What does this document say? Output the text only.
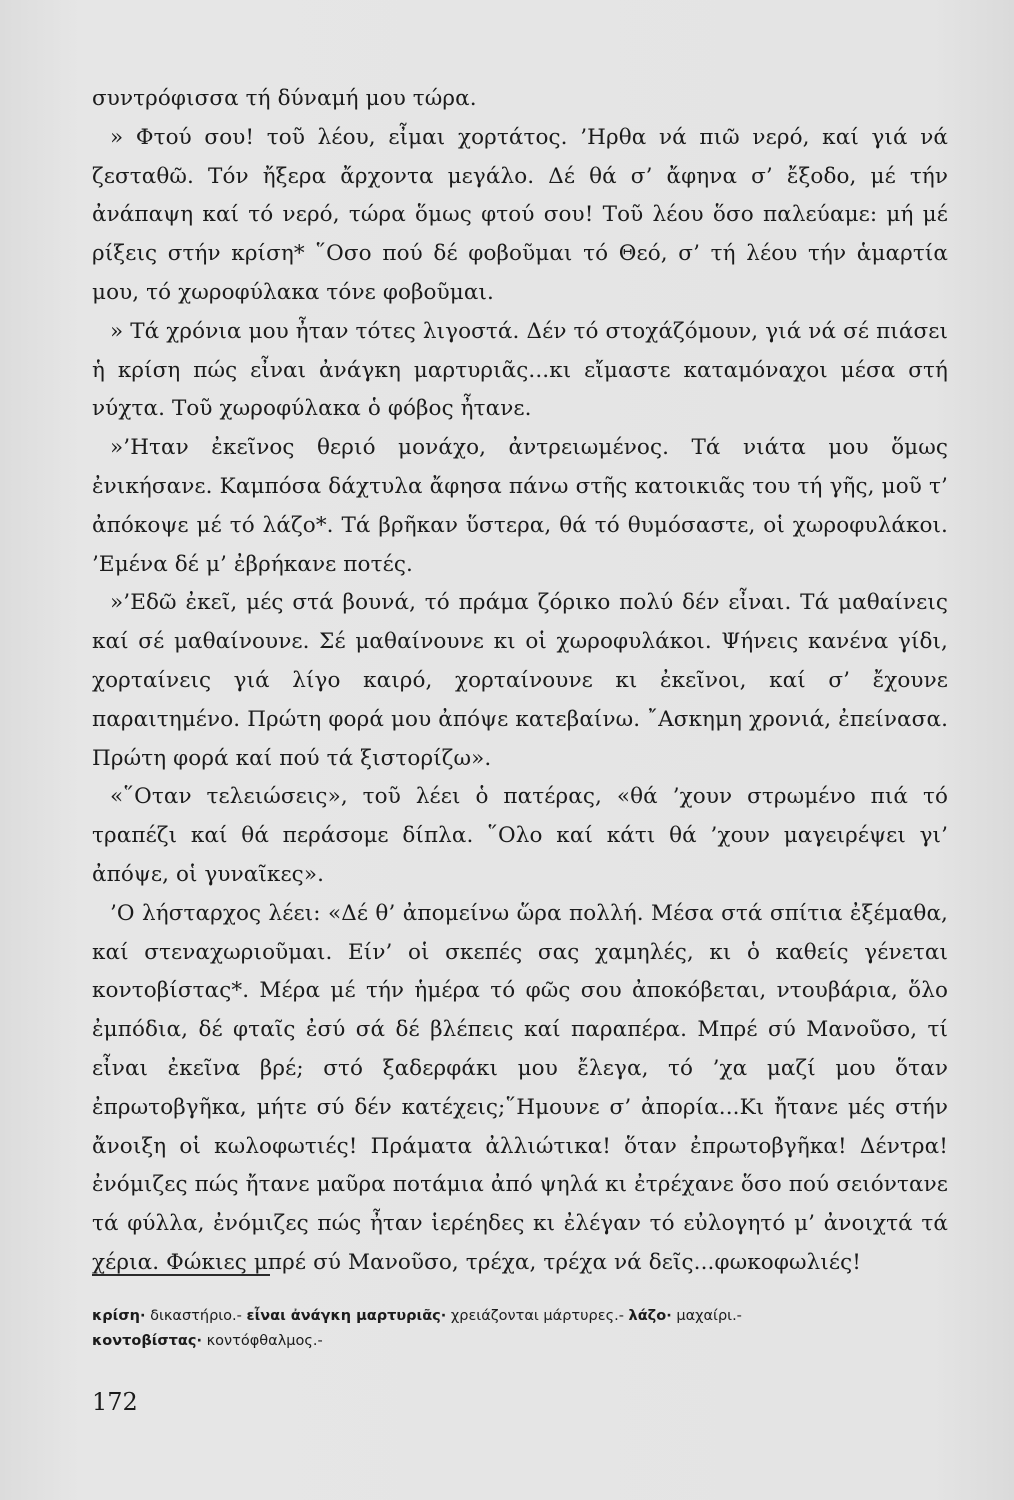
συντρόφισσα τή δύναμή μου τώρα.

» Φτού σου! τοῦ λέου, εἶμαι χορτάτος. ’Ηρθα νά πιῶ νερό, καί γιά νά ζεσταθῶ. Τόν ἤξερα ἄρχοντα μεγάλο. Δέ θά σ’ ἄφηνα σ’ ἔξοδο, μέ τήν ἀνάπαψη καί τό νερό, τώρα ὅμως φτού σου! Τοῦ λέου ὅσο παλεύαμε: μή μέ ρίξεις στήν κρίση* ῞Οσο πού δέ φοβοῦμαι τό Θεό, σ’ τή λέου τήν ἁμαρτία μου, τό χωροφύλακα τόνε φοβοῦμαι.

» Τά χρόνια μου ἦταν τότες λιγοστά. Δέν τό στοχάζόμουν, γιά νά σέ πιάσει ἡ κρίση πώς εἶναι ἀνάγκη μαρτυριᾶς...κι εἴμαστε καταμόναχοι μέσα στή νύχτα. Τοῦ χωροφύλακα ὁ φόβος ἦτανε.

»’Ηταν ἐκεῖνος θεριό μονάχο, ἀντρειωμένος. Τά νιάτα μου ὅμως ἐνικήσανε. Καμπόσα δάχτυλα ἄφησα πάνω στῆς κατοικιᾶς του τή γῆς, μοῦ τ’ ἀπόκοψε μέ τό λάζο*. Τά βρῆκαν ὕστερα, θά τό θυμόσαστε, οἱ χωροφυλάκοι. ’Εμένα δέ μ’ ἐβρήκανε ποτές.

»’Εδῶ ἐκεῖ, μές στά βουνά, τό πράμα ζόρικο πολύ δέν εἶναι. Τά μαθαίνεις καί σέ μαθαίνουνε. Σέ μαθαίνουνε κι οἱ χωροφυλάκοι. Ψήνεις κανένα γίδι, χορταίνεις γιά λίγο καιρό, χορταίνουνε κι ἐκεῖνοι, καί σ’ ἔχουνε παραιτημένο. Πρώτη φορά μου ἀπόψε κατεβαίνω. ῎Ασκημη χρονιά, ἐπείνασα. Πρώτη φορά καί πού τά ξιστορίζω».

«῞Οταν τελειώσεις», τοῦ λέει ὁ πατέρας, «θά ’χουν στρωμένο πιά τό τραπέζι καί θά περάσομε δίπλα. ῞Ολο καί κάτι θά ’χουν μαγειρέψει γι’ ἀπόψε, οἱ γυναῖκες».

’Ο λήσταρχος λέει: «Δέ θ’ ἀπομείνω ὥρα πολλή. Μέσα στά σπίτια ἐξέμαθα, καί στεναχωριοῦμαι. Είν’ οἱ σκεπές σας χαμηλές, κι ὁ καθείς γένεται κοντοβίστας*. Μέρα μέ τήν ἡμέρα τό φῶς σου ἀποκόβεται, ντουβάρια, ὅλο ἐμπόδια, δέ φταῖς ἐσύ σά δέ βλέπεις καί παραπέρα. Μπρέ σύ Μανοῦσο, τί εἶναι ἐκεῖνα βρέ; στό ξαδερφάκι μου ἔλεγα, τό ’χα μαζί μου ὅταν ἐπρωτοβγῆκα, μήτε σύ δέν κατέχεις;῞Ημουνε σ’ ἀπορία...Κι ἤτανε μές στήν ἄνοιξη οἱ κωλοφωτιές! Πράματα ἀλλιώτικα! ὅταν ἐπρωτοβγῆκα! Δέντρα! ἐνόμιζες πώς ἤτανε μαῦρα ποτάμια ἀπό ψηλά κι ἐτρέχανε ὅσο πού σειόντανε τά φύλλα, ἐνόμιζες πώς ἦταν ἱερέηδες κι ἐλέγαν τό εὐλογητό μ’ ἀνοιχτά τά χέρια. Φώκιες μπρέ σύ Μανοῦσο, τρέχα, τρέχα νά δεῖς...φωκοφωλιές!

κρίση· δικαστήριο.- εἶναι ἀνάγκη μαρτυριᾶς· χρειάζονται μάρτυρες.- λάζο· μαχαίρι.-
κοντοβίστας· κοντόφθαλμος.-
172
